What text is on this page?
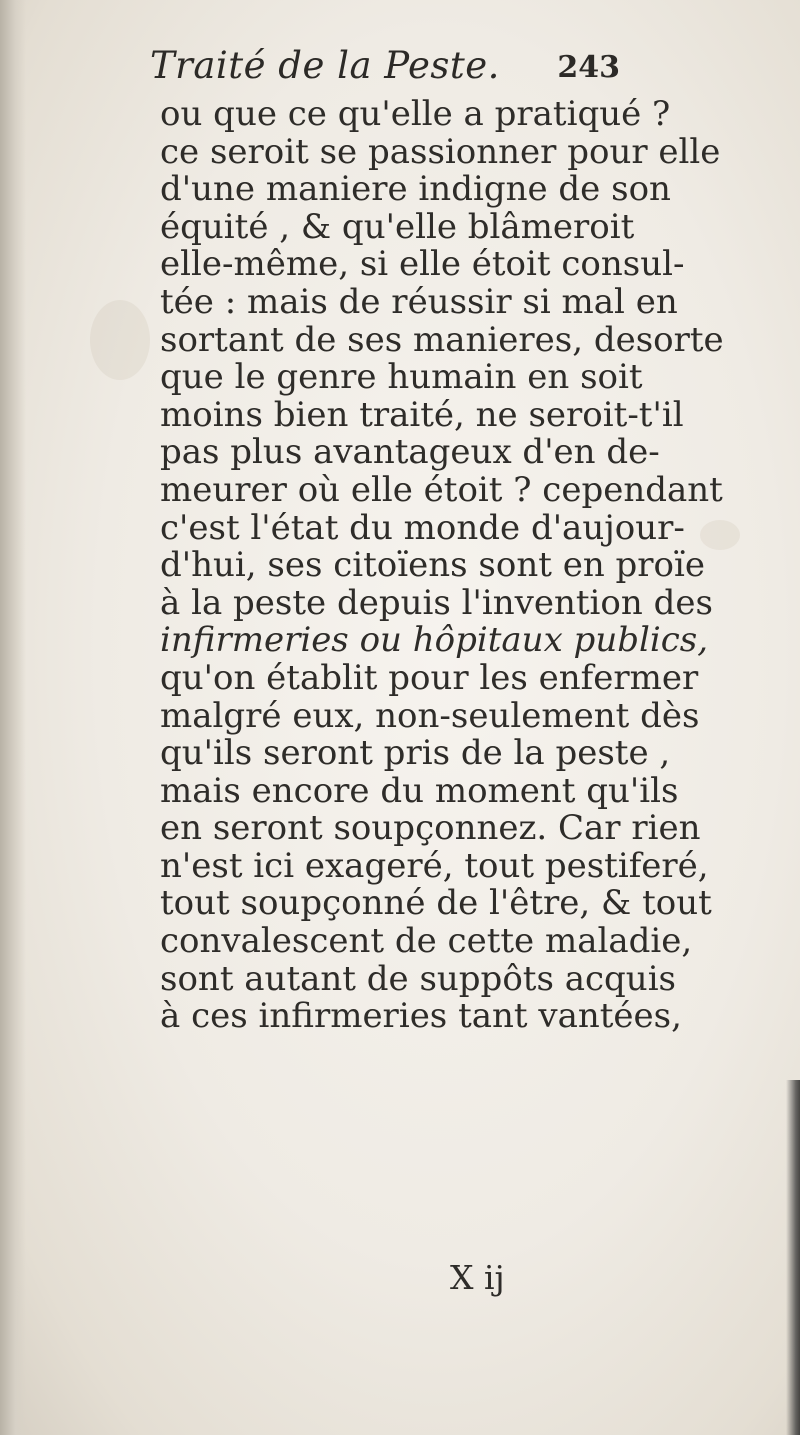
Traité de la Peste. 243
ou que ce qu'elle a pratiqué ?
ce seroit se passionner pour elle
d'une maniere indigne de son
équité , & qu'elle blâmeroit
elle-même, si elle étoit consul-
tée : mais de réussir si mal en
sortant de ses manieres, desorte
que le genre humain en soit
moins bien traité, ne seroit-t'il
pas plus avantageux d'en de-
meurer où elle étoit ? cependant
c'est l'état du monde d'aujour-
d'hui, ses citoïens sont en proïe
à la peste depuis l'invention des
infirmeries ou hôpitaux publics,
qu'on établit pour les enfermer
malgré eux, non-seulement dès
qu'ils seront pris de la peste ,
mais encore du moment qu'ils
en seront soupçonnez. Car rien
n'est ici exageré, tout pestiferé,
tout soupçonné de l'être, & tout
convalescent de cette maladie,
sont autant de suppôts acquis
à ces infirmeries tant vantées,
X ij
